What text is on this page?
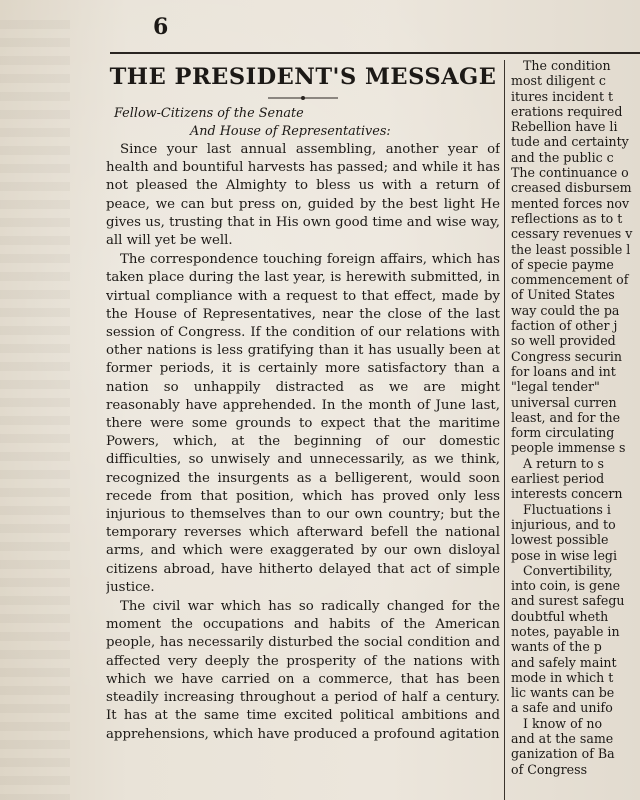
6
THE PRESIDENT'S MESSAGE

Fellow-Citizens of the Senate

And House of Representatives:

Since your last annual assembling, another year of health and bountiful harvests has passed; and while it has not pleased the Almighty to bless us with a return of peace, we can but press on, guided by the best light He gives us, trusting that in His own good time and wise way, all will yet be well.

The correspondence touching foreign affairs, which has taken place during the last year, is herewith submitted, in virtual compliance with a request to that effect, made by the House of Representatives, near the close of the last session of Congress. If the condition of our relations with other nations is less gratifying than it has usually been at former periods, it is certainly more satisfactory than a nation so unhappily distracted as we are might reasonably have apprehended. In the month of June last, there were some grounds to expect that the maritime Powers, which, at the beginning of our domestic difficulties, so unwisely and unnecessarily, as we think, recognized the insurgents as a belligerent, would soon recede from that position, which has proved only less injurious to themselves than to our own country; but the temporary reverses which afterward befell the national arms, and which were exaggerated by our own disloyal citizens abroad, have hitherto delayed that act of simple justice.

The civil war which has so radically changed for the moment the occupations and habits of the American people, has necessarily disturbed the social condition and affected very deeply the prosperity of the nations with which we have carried on a commerce, that has been steadily increasing throughout a period of half a century. It has at the same time excited political ambitions and apprehensions, which have produced a profound agitation

The condition

most diligent c

itures incident t

erations required

Rebellion have li

tude and certainty

and the public c

The continuance o

creased disbursem

mented forces nov

reflections as to t

cessary revenues v

the least possible l

of specie payme

commencement of

of United States

way could the pa

faction of other j

so well provided

Congress securin

for loans and int

"legal tender"

universal curren

least, and for the

form circulating

people immense s

A return to s

earliest period

interests concern

Fluctuations i

injurious, and to

lowest possible

pose in wise legi

Convertibility,

into coin, is gene

and surest safegu

doubtful wheth

notes, payable in

wants of the p

and safely maint

mode in which t

lic wants can be

a safe and unifo

I know of no

and at the same

ganization of Ba

of Congress
